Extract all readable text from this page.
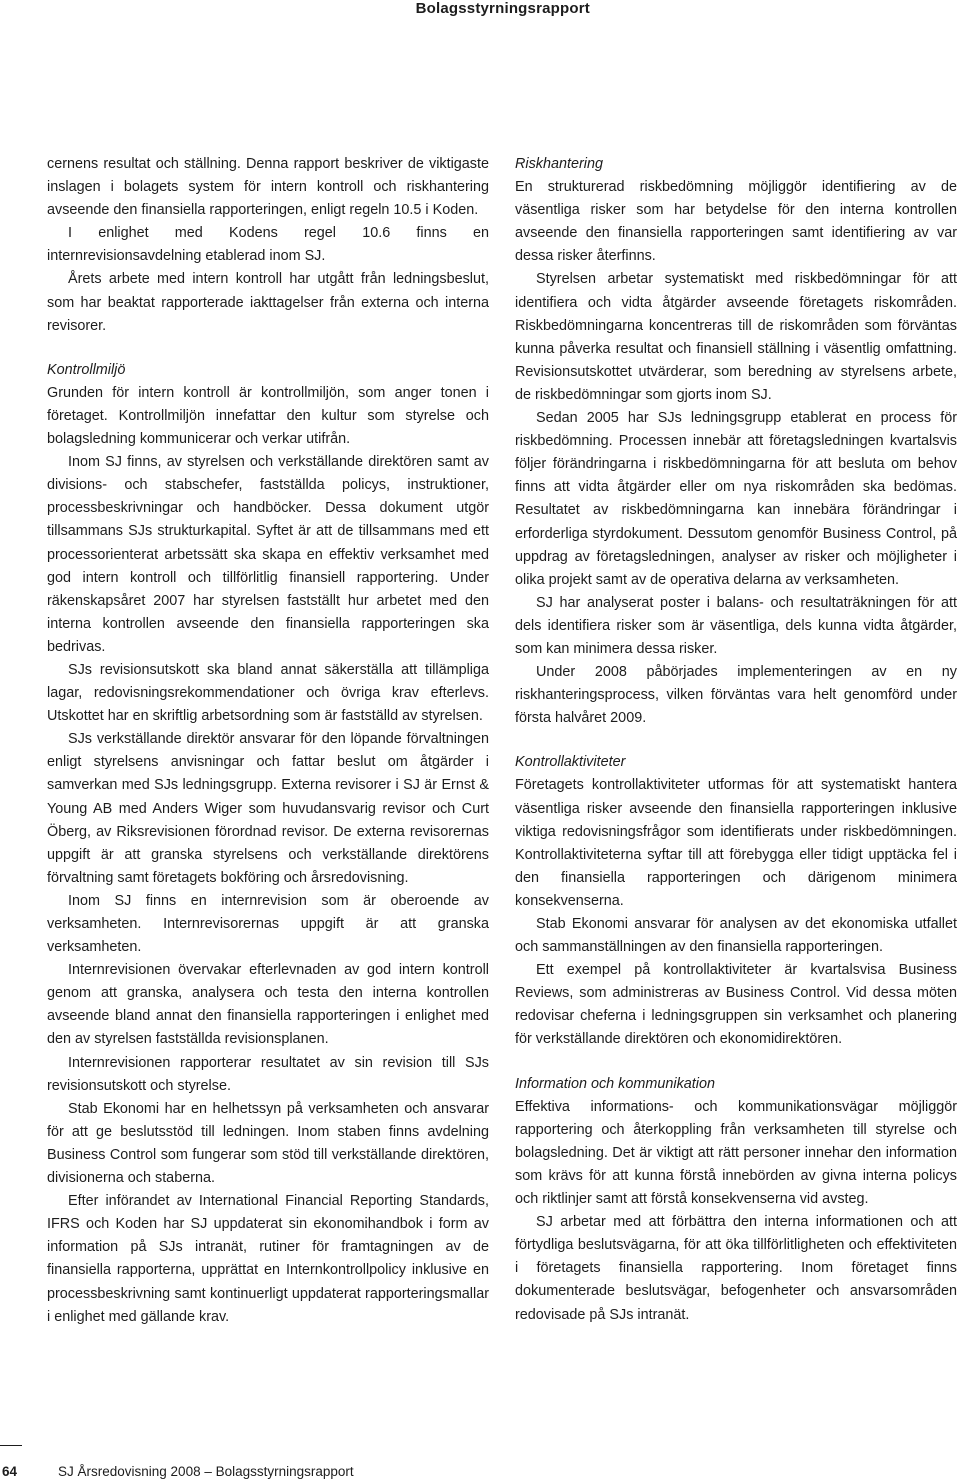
Bolagsstyrningsrapport

cernens resultat och ställning. Denna rapport beskriver de viktigaste inslagen i bolagets system för intern kontroll och riskhantering avseende den finansiella rapporteringen, enligt regeln 10.5 i Koden.

I enlighet med Kodens regel 10.6 finns en internrevisionsavdelning etablerad inom SJ.

Årets arbete med intern kontroll har utgått från ledningsbeslut, som har beaktat rapporterade iakttagelser från externa och interna revisorer.

Kontrollmiljö

Grunden för intern kontroll är kontrollmiljön, som anger tonen i företaget. Kontrollmiljön innefattar den kultur som styrelse och bolagsledning kommunicerar och verkar utifrån.

Inom SJ finns, av styrelsen och verkställande direktören samt av divisions- och stabschefer, fastställda policys, instruktioner, processbeskrivningar och handböcker. Dessa dokument utgör tillsammans SJs strukturkapital. Syftet är att de tillsammans med ett processorienterat arbetssätt ska skapa en effektiv verksamhet med god intern kontroll och tillförlitlig finansiell rapportering. Under räkenskapsåret 2007 har styrelsen fastställt hur arbetet med den interna kontrollen avseende den finansiella rapporteringen ska bedrivas.

SJs revisionsutskott ska bland annat säkerställa att tillämpliga lagar, redovisningsrekommendationer och övriga krav efterlevs. Utskottet har en skriftlig arbetsordning som är fastställd av styrelsen.

SJs verkställande direktör ansvarar för den löpande förvaltningen enligt styrelsens anvisningar och fattar beslut om åtgärder i samverkan med SJs ledningsgrupp. Externa revisorer i SJ är Ernst & Young AB med Anders Wiger som huvudansvarig revisor och Curt Öberg, av Riksrevisionen förordnad revisor. De externa revisorernas uppgift är att granska styrelsens och verkställande direktörens förvaltning samt företagets bokföring och årsredovisning.

Inom SJ finns en internrevision som är oberoende av verksamheten. Internrevisorernas uppgift är att granska verksamheten.

Internrevisionen övervakar efterlevnaden av god intern kontroll genom att granska, analysera och testa den interna kontrollen avseende bland annat den finansiella rapporteringen i enlighet med den av styrelsen fastställda revisionsplanen.

Internrevisionen rapporterar resultatet av sin revision till SJs revisionsutskott och styrelse.

Stab Ekonomi har en helhetssyn på verksamheten och ansvarar för att ge beslutsstöd till ledningen. Inom staben finns avdelning Business Control som fungerar som stöd till verkställande direktören, divisionerna och staberna.

Efter införandet av International Financial Reporting Standards, IFRS och Koden har SJ uppdaterat sin ekonomihandbok i form av information på SJs intranät, rutiner för framtagningen av de finansiella rapporterna, upprättat en Internkontrollpolicy inklusive en processbeskrivning samt kontinuerligt uppdaterat rapporteringsmallar i enlighet med gällande krav.

Riskhantering

En strukturerad riskbedömning möjliggör identifiering av de väsentliga risker som har betydelse för den interna kontrollen avseende den finansiella rapporteringen samt identifiering av var dessa risker återfinns.

Styrelsen arbetar systematiskt med riskbedömningar för att identifiera och vidta åtgärder avseende företagets riskområden. Riskbedömningarna koncentreras till de riskområden som förväntas kunna påverka resultat och finansiell ställning i väsentlig omfattning. Revisionsutskottet utvärderar, som beredning av styrelsens arbete, de riskbedömningar som gjorts inom SJ.

Sedan 2005 har SJs ledningsgrupp etablerat en process för riskbedömning. Processen innebär att företagsledningen kvartalsvis följer förändringarna i riskbedömningarna för att besluta om behov finns att vidta åtgärder eller om nya riskområden ska bedömas. Resultatet av riskbedömningarna kan innebära förändringar i erforderliga styrdokument. Dessutom genomför Business Control, på uppdrag av företagsledningen, analyser av risker och möjligheter i olika projekt samt av de operativa delarna av verksamheten.

SJ har analyserat poster i balans- och resultaträkningen för att dels identifiera risker som är väsentliga, dels kunna vidta åtgärder, som kan minimera dessa risker.

Under 2008 påbörjades implementeringen av en ny riskhanteringsprocess, vilken förväntas vara helt genomförd under första halvåret 2009.

Kontrollaktiviteter

Företagets kontrollaktiviteter utformas för att systematiskt hantera väsentliga risker avseende den finansiella rapporteringen inklusive viktiga redovisningsfrågor som identifierats under riskbedömningen. Kontrollaktiviteterna syftar till att förebygga eller tidigt upptäcka fel i den finansiella rapporteringen och därigenom minimera konsekvenserna.

Stab Ekonomi ansvarar för analysen av det ekonomiska utfallet och sammanställningen av den finansiella rapporteringen.

Ett exempel på kontrollaktiviteter är kvartalsvisa Business Reviews, som administreras av Business Control. Vid dessa möten redovisar cheferna i ledningsgruppen sin verksamhet och planering för verkställande direktören och ekonomidirektören.

Information och kommunikation

Effektiva informations- och kommunikationsvägar möjliggör rapportering och återkoppling från verksamheten till styrelse och bolagsledning. Det är viktigt att rätt personer innehar den information som krävs för att kunna förstå innebörden av givna interna policys och riktlinjer samt att förstå konsekvenserna vid avsteg.

SJ arbetar med att förbättra den interna informationen och att förtydliga beslutsvägarna, för att öka tillförlitligheten och effektiviteten i företagets finansiella rapportering. Inom företaget finns dokumenterade beslutsvägar, befogenheter och ansvarsområden redovisade på SJs intranät.

64	SJ Årsredovisning 2008 – Bolagsstyrningsrapport
